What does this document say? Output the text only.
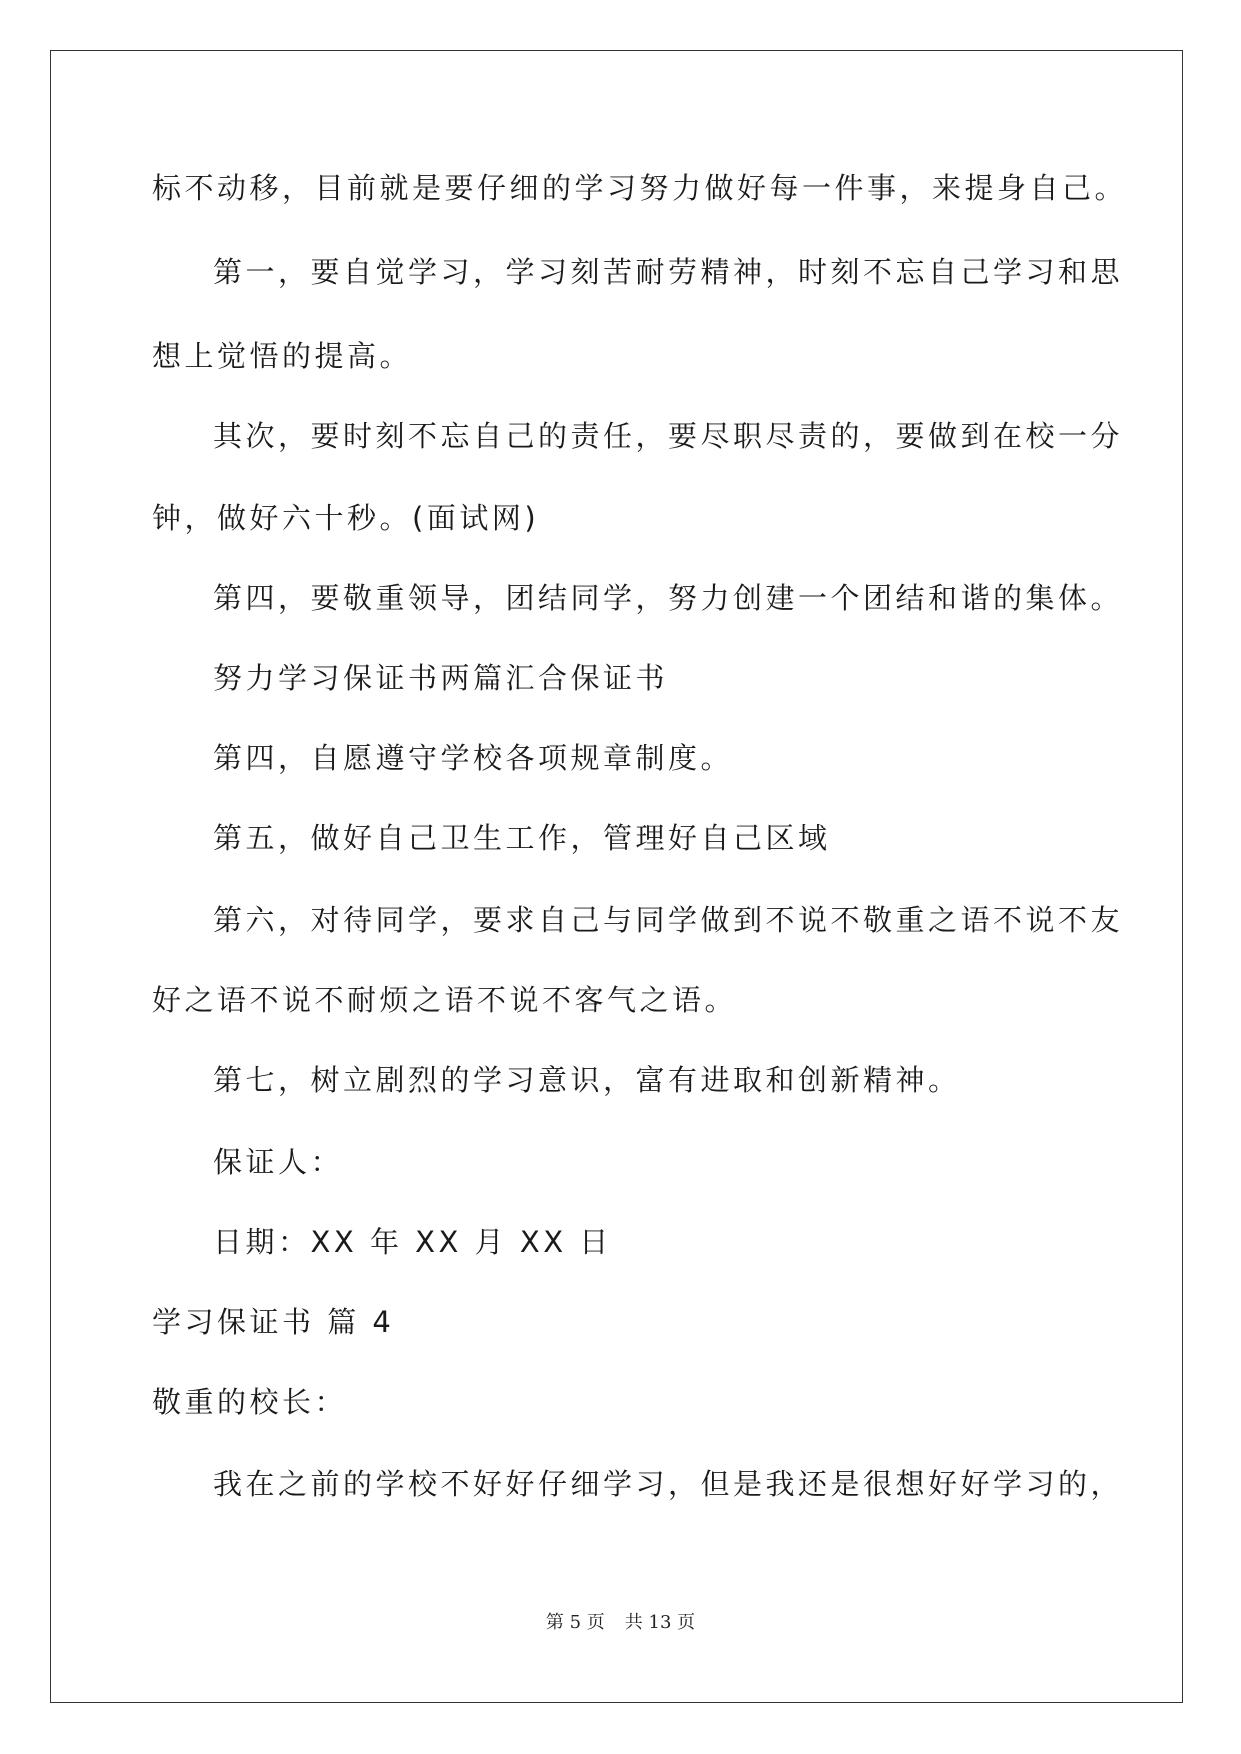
标不动移，目前就是要仔细的学习努力做好每一件事，来提身自己。
第一，要自觉学习，学习刻苦耐劳精神，时刻不忘自己学习和思
想上觉悟的提高。
其次，要时刻不忘自己的责任，要尽职尽责的，要做到在校一分
钟，做好六十秒。(面试网)
第四，要敬重领导，团结同学，努力创建一个团结和谐的集体。
努力学习保证书两篇汇合保证书
第四，自愿遵守学校各项规章制度。
第五，做好自己卫生工作，管理好自己区域
第六，对待同学，要求自己与同学做到不说不敬重之语不说不友
好之语不说不耐烦之语不说不客气之语。
第七，树立剧烈的学习意识，富有进取和创新精神。
保证人：
日期：XX 年 XX 月 XX 日
学习保证书 篇 4
敬重的校长：
我在之前的学校不好好仔细学习，但是我还是很想好好学习的，
第 5 页 共 13 页
